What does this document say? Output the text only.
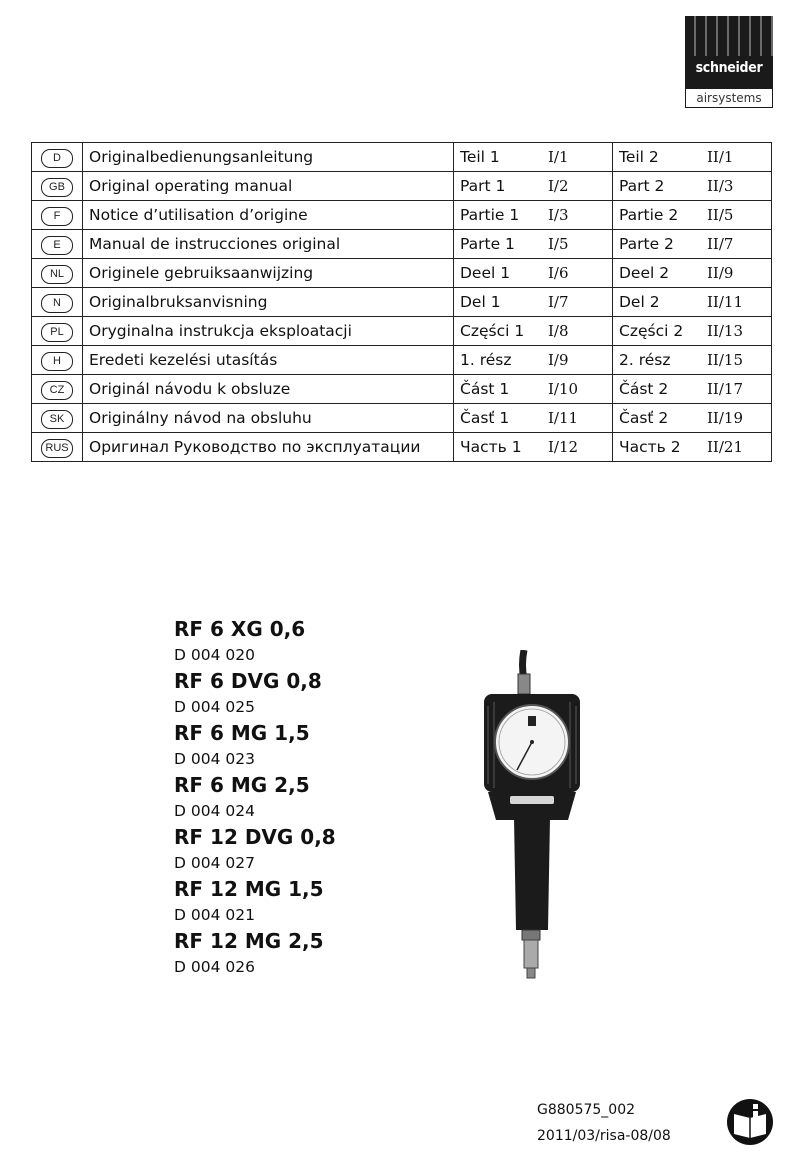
schneider
airsystems
D	Originalbedienungsanleitung	Teil 1 I/1	Teil 2 II/1
GB	Original operating manual	Part 1 I/2	Part 2 II/3
F	Notice d’utilisation d’origine	Partie 1 I/3	Partie 2 II/5
E	Manual de instrucciones original	Parte 1 I/5	Parte 2 II/7
NL	Originele gebruiksaanwijzing	Deel 1 I/6	Deel 2 II/9
N	Originalbruksanvisning	Del 1 I/7	Del 2 II/11
PL	Oryginalna instrukcja eksploatacji	Części 1 I/8	Części 2 II/13
H	Eredeti kezelési utasítás	1. rész I/9	2. rész II/15
CZ	Originál návodu k obsluze	Část 1 I/10	Část 2 II/17
SK	Originálny návod na obsluhu	Časť 1 I/11	Časť 2 II/19
RUS	Оригинал Руководство по эксплуатации	Часть 1 I/12	Часть 2 II/21
RF 6 XG 0,6
D 004 020
RF 6 DVG 0,8
D 004 025
RF 6 MG 1,5
D 004 023
RF 6 MG 2,5
D 004 024
RF 12 DVG 0,8
D 004 027
RF 12 MG 1,5
D 004 021
RF 12 MG 2,5
D 004 026
G880575_002
2011/03/risa-08/08
